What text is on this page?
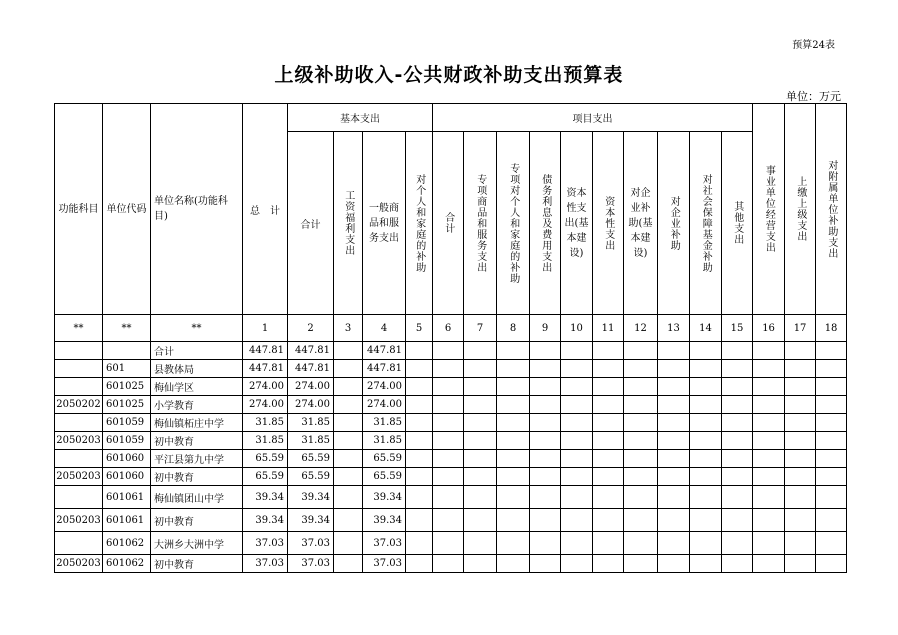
预算24表
上级补助收入-公共财政补助支出预算表
单位：万元
功能科目	单位代码	单位名称(功能科目)	总　计	基本支出				项目支出										事业单位经营支出	上缴上级支出	对附属单位补助支出

				合计	工资福利支出	一般商品和服务支出	对个人和家庭的补助	合计	专项商品和服务支出	专项对个人和家庭的补助	债务利息及费用支出	资本性支出(基本建设)	资本性支出	对企业补助(基本建设)	对企业补助	对社会保障基金补助	其他支出			

**	**	**	1	2	3	4	5	6	7	8	9	10	11	12	13	14	15	16	17	18
		合计	447.81	447.81		447.81														
	601	县教体局	447.81	447.81		447.81														
	601025	梅仙学区	274.00	274.00		274.00														
2050202	601025	小学教育	274.00	274.00		274.00														
	601059	梅仙镇柘庄中学	31.85	31.85		31.85														
2050203	601059	初中教育	31.85	31.85		31.85														
	601060	平江县第九中学	65.59	65.59		65.59														
2050203	601060	初中教育	65.59	65.59		65.59														
	601061	梅仙镇团山中学	39.34	39.34		39.34														
2050203	601061	初中教育	39.34	39.34		39.34														
	601062	大洲乡大洲中学	37.03	37.03		37.03														
2050203	601062	初中教育	37.03	37.03		37.03														
